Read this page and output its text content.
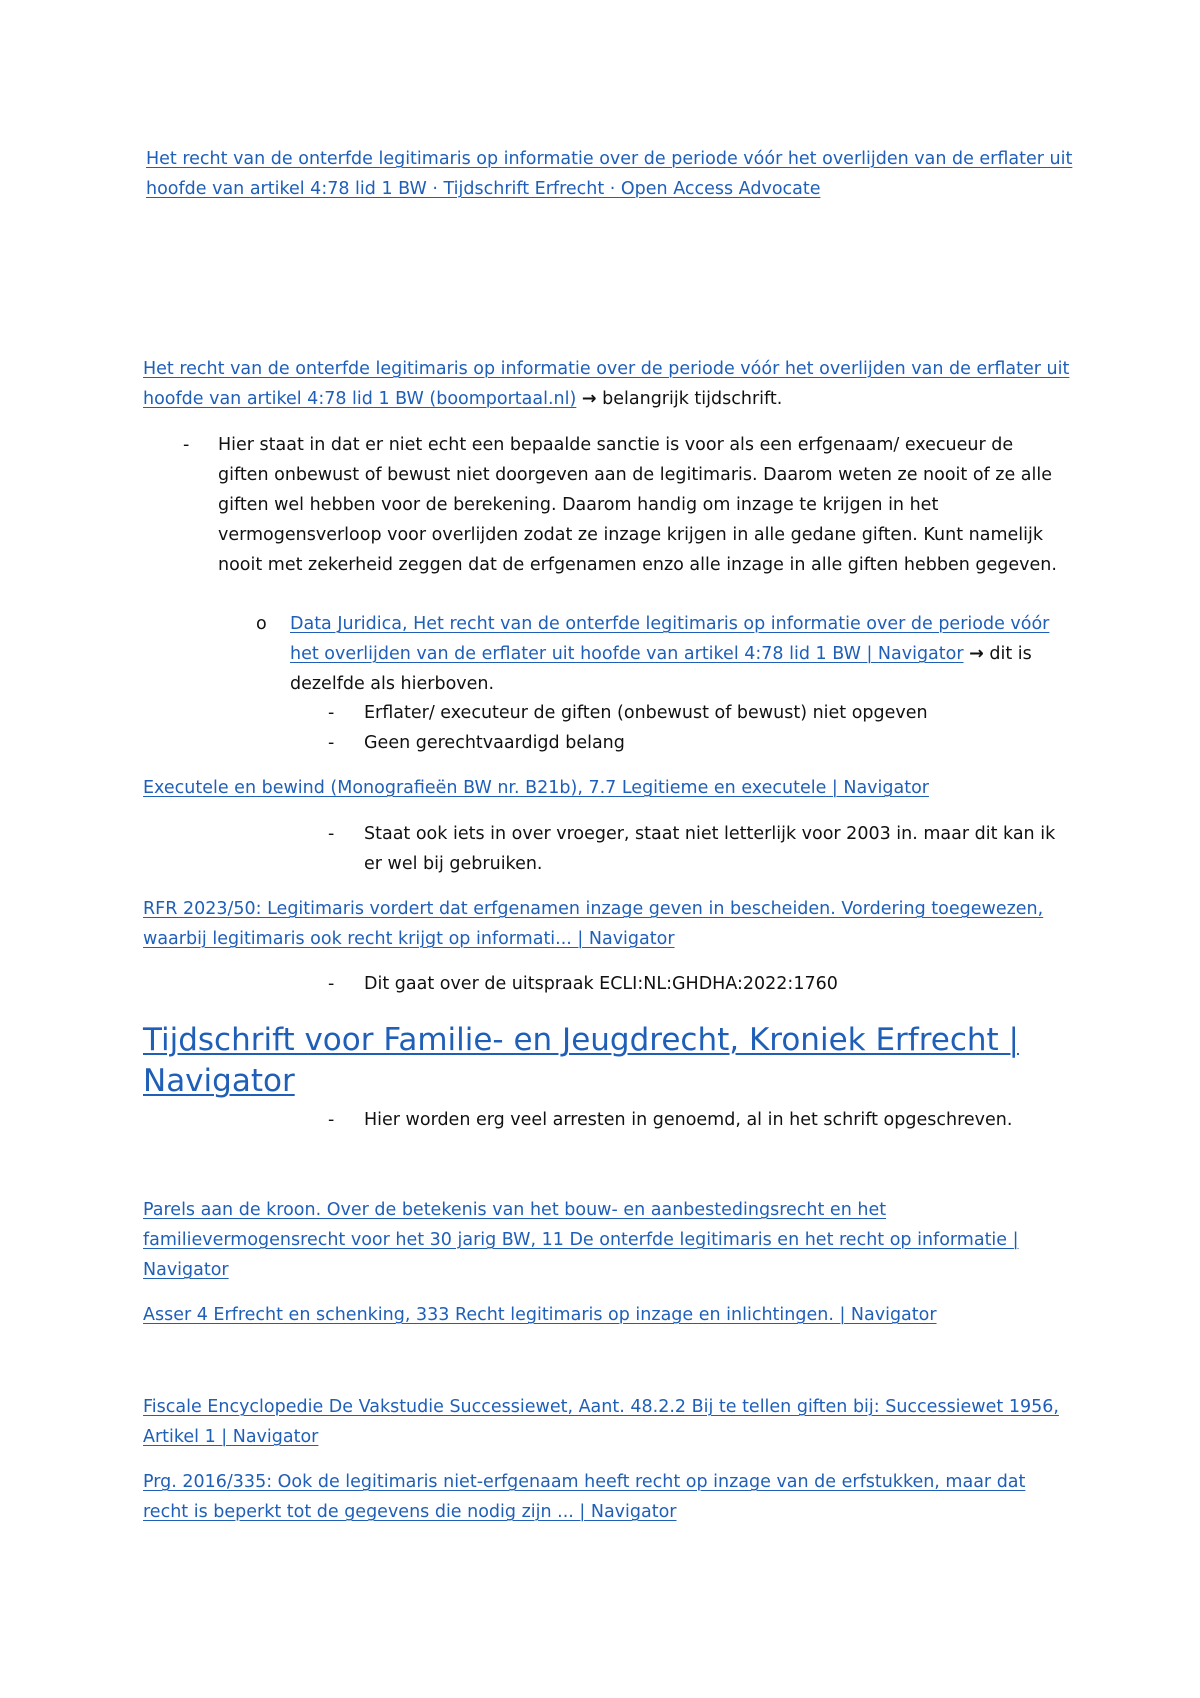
Het recht van de onterfde legitimaris op informatie over de periode vóór het overlijden van de erflater uit hoofde van artikel 4:78 lid 1 BW · Tijdschrift Erfrecht · Open Access Advocate
Het recht van de onterfde legitimaris op informatie over de periode vóór het overlijden van de erflater uit hoofde van artikel 4:78 lid 1 BW (boomportaal.nl) → belangrijk tijdschrift.
- Hier staat in dat er niet echt een bepaalde sanctie is voor als een erfgenaam/ execueur de giften onbewust of bewust niet doorgeven aan de legitimaris. Daarom weten ze nooit of ze alle giften wel hebben voor de berekening. Daarom handig om inzage te krijgen in het vermogensverloop voor overlijden zodat ze inzage krijgen in alle gedane giften. Kunt namelijk nooit met zekerheid zeggen dat de erfgenamen enzo alle inzage in alle giften hebben gegeven.
o Data Juridica, Het recht van de onterfde legitimaris op informatie over de periode vóór het overlijden van de erflater uit hoofde van artikel 4:78 lid 1 BW | Navigator → dit is dezelfde als hierboven.
- Erflater/ executeur de giften (onbewust of bewust) niet opgeven
- Geen gerechtvaardigd belang
Executele en bewind (Monografieën BW nr. B21b), 7.7 Legitieme en executele | Navigator
- Staat ook iets in over vroeger, staat niet letterlijk voor 2003 in. maar dit kan ik er wel bij gebruiken.
RFR 2023/50: Legitimaris vordert dat erfgenamen inzage geven in bescheiden. Vordering toegewezen, waarbij legitimaris ook recht krijgt op informati... | Navigator
- Dit gaat over de uitspraak ECLI:NL:GHDHA:2022:1760
Tijdschrift voor Familie- en Jeugdrecht, Kroniek Erfrecht | Navigator
- Hier worden erg veel arresten in genoemd, al in het schrift opgeschreven.
Parels aan de kroon. Over de betekenis van het bouw- en aanbestedingsrecht en het familievermogensrecht voor het 30 jarig BW, 11 De onterfde legitimaris en het recht op informatie | Navigator
Asser 4 Erfrecht en schenking, 333 Recht legitimaris op inzage en inlichtingen. | Navigator
Fiscale Encyclopedie De Vakstudie Successiewet, Aant. 48.2.2 Bij te tellen giften bij: Successiewet 1956, Artikel 1 | Navigator
Prg. 2016/335: Ook de legitimaris niet-erfgenaam heeft recht op inzage van de erfstukken, maar dat recht is beperkt tot de gegevens die nodig zijn ... | Navigator
